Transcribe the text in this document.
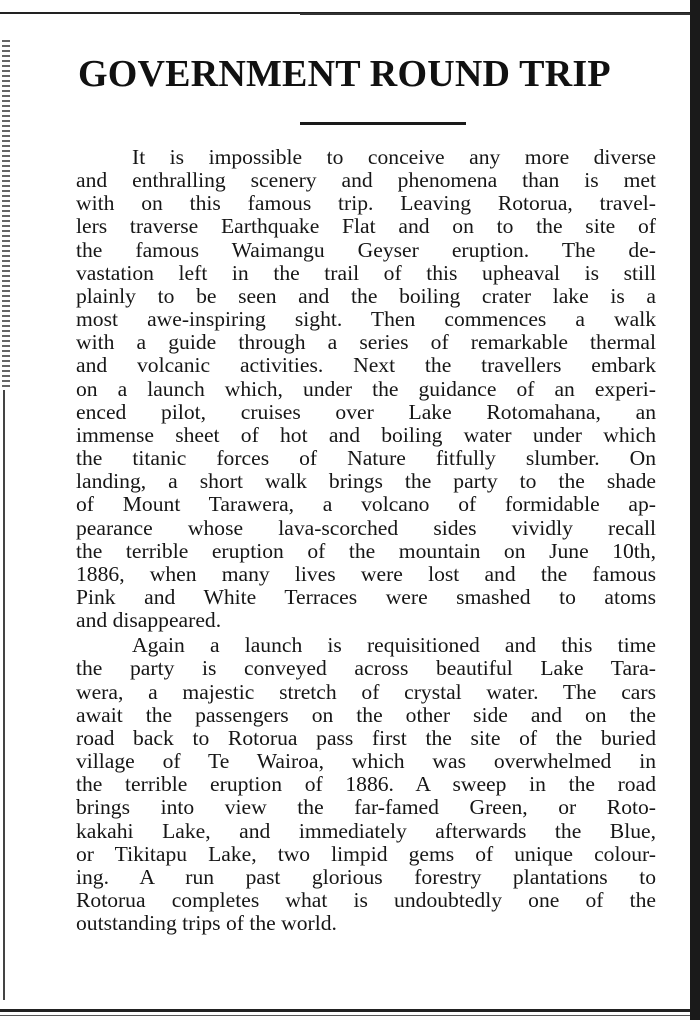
GOVERNMENT ROUND TRIP
It is impossible to conceive any more diverse
and enthralling scenery and phenomena than is met
with on this famous trip. Leaving Rotorua, travel-
lers traverse Earthquake Flat and on to the site of
the famous Waimangu Geyser eruption. The de-
vastation left in the trail of this upheaval is still
plainly to be seen and the boiling crater lake is a
most awe-inspiring sight. Then commences a walk
with a guide through a series of remarkable thermal
and volcanic activities. Next the travellers embark
on a launch which, under the guidance of an experi-
enced pilot, cruises over Lake Rotomahana, an
immense sheet of hot and boiling water under which
the titanic forces of Nature fitfully slumber. On
landing, a short walk brings the party to the shade
of Mount Tarawera, a volcano of formidable ap-
pearance whose lava-scorched sides vividly recall
the terrible eruption of the mountain on June 10th,
1886, when many lives were lost and the famous
Pink and White Terraces were smashed to atoms
and disappeared.
Again a launch is requisitioned and this time
the party is conveyed across beautiful Lake Tara-
wera, a majestic stretch of crystal water. The cars
await the passengers on the other side and on the
road back to Rotorua pass first the site of the buried
village of Te Wairoa, which was overwhelmed in
the terrible eruption of 1886. A sweep in the road
brings into view the far-famed Green, or Roto-
kakahi Lake, and immediately afterwards the Blue,
or Tikitapu Lake, two limpid gems of unique colour-
ing. A run past glorious forestry plantations to
Rotorua completes what is undoubtedly one of the
outstanding trips of the world.
